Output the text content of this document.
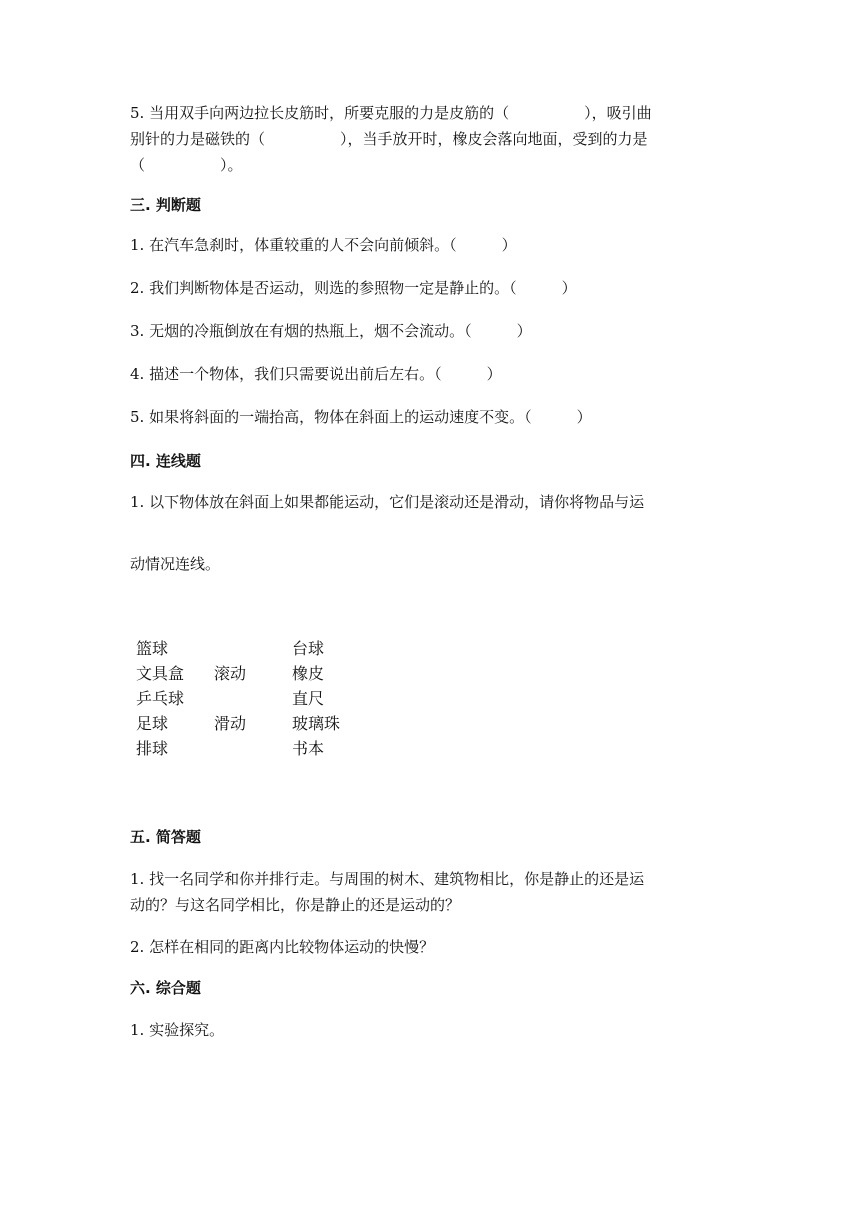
5. 当用双手向两边拉长皮筋时，所要克服的力是皮筋的（　　　　　），吸引曲

别针的力是磁铁的（　　　　　），当手放开时，橡皮会落向地面，受到的力是

（　　　　　）。

三. 判断题

1. 在汽车急刹时，体重较重的人不会向前倾斜。（　　　）

2. 我们判断物体是否运动，则选的参照物一定是静止的。（　　　）

3. 无烟的冷瓶倒放在有烟的热瓶上，烟不会流动。（　　　）

4. 描述一个物体，我们只需要说出前后左右。（　　　）

5. 如果将斜面的一端抬高，物体在斜面上的运动速度不变。（　　　）

四. 连线题

1. 以下物体放在斜面上如果都能运动，它们是滚动还是滑动，请你将物品与运

动情况连线。

篮球
文具盒
乒乓球
足球
排球
滚动
滑动
台球
橡皮
直尺
玻璃珠
书本
五. 简答题

1. 找一名同学和你并排行走。与周围的树木、建筑物相比，你是静止的还是运

动的？与这名同学相比，你是静止的还是运动的？

2. 怎样在相同的距离内比较物体运动的快慢？

六. 综合题

1. 实验探究。
